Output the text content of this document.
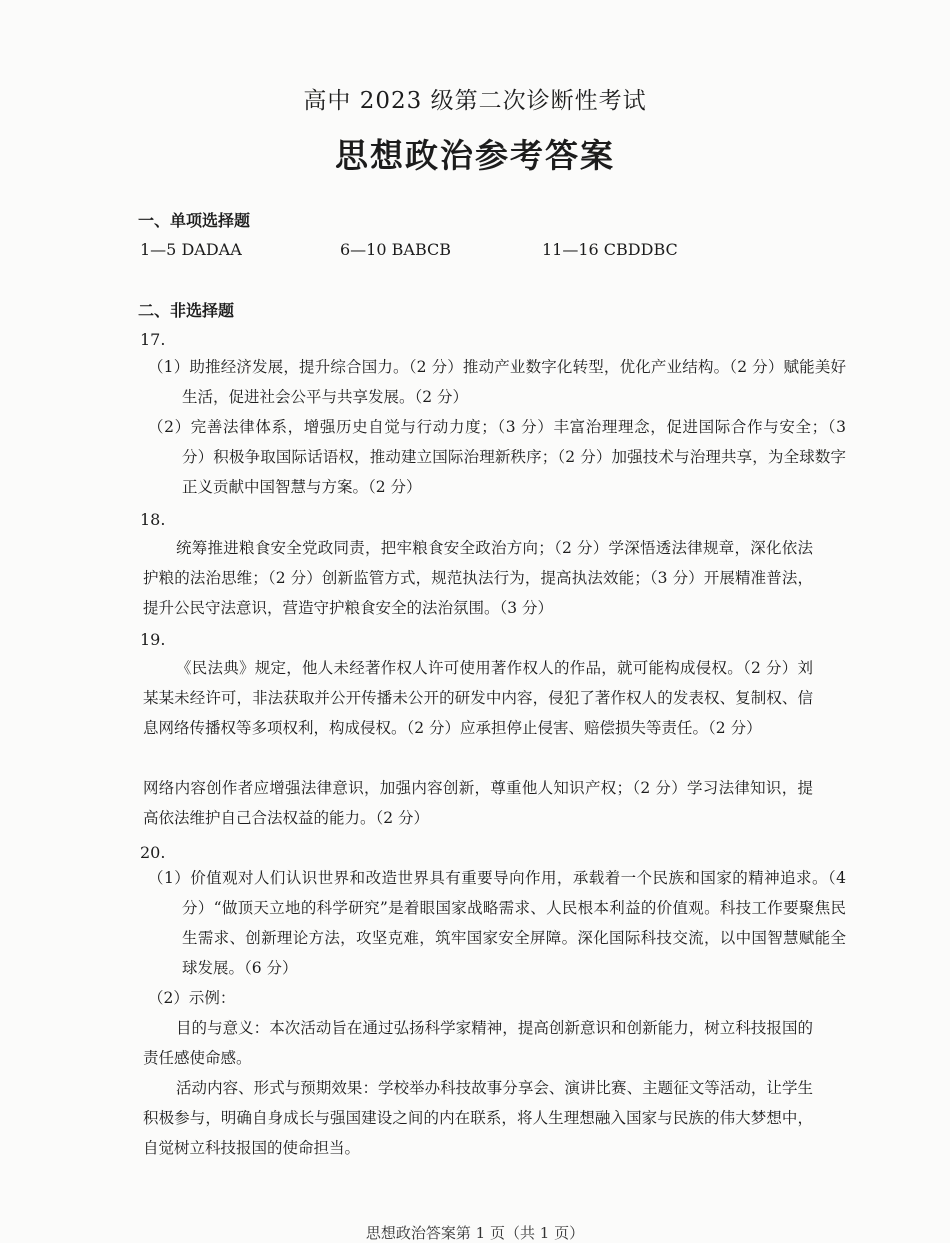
高中 2023 级第二次诊断性考试
思想政治参考答案
一、单项选择题
1—5 DADAA	6—10 BABCB	11—16 CBDDBC
二、非选择题
17.

（1）助推经济发展，提升综合国力。（2 分）推动产业数字化转型，优化产业结构。（2 分）赋能美好生活，促进社会公平与共享发展。（2 分）

（2）完善法律体系，增强历史自觉与行动力度；（3 分）丰富治理理念，促进国际合作与安全；（3 分）积极争取国际话语权，推动建立国际治理新秩序；（2 分）加强技术与治理共享，为全球数字正义贡献中国智慧与方案。（2 分）

18.

统筹推进粮食安全党政同责，把牢粮食安全政治方向；（2 分）学深悟透法律规章，深化依法护粮的法治思维；（2 分）创新监管方式，规范执法行为，提高执法效能；（3 分）开展精准普法，提升公民守法意识，营造守护粮食安全的法治氛围。（3 分）

19.

《民法典》规定，他人未经著作权人许可使用著作权人的作品，就可能构成侵权。（2 分）刘某某未经许可，非法获取并公开传播未公开的研发中内容，侵犯了著作权人的发表权、复制权、信息网络传播权等多项权利，构成侵权。（2 分）应承担停止侵害、赔偿损失等责任。（2 分）

网络内容创作者应增强法律意识，加强内容创新，尊重他人知识产权；（2 分）学习法律知识，提高依法维护自己合法权益的能力。（2 分）

20.

（1）价值观对人们认识世界和改造世界具有重要导向作用，承载着一个民族和国家的精神追求。（4 分）“做顶天立地的科学研究”是着眼国家战略需求、人民根本利益的价值观。科技工作要聚焦民生需求、创新理论方法，攻坚克难，筑牢国家安全屏障。深化国际科技交流，以中国智慧赋能全球发展。（6 分）

（2）示例：

目的与意义：本次活动旨在通过弘扬科学家精神，提高创新意识和创新能力，树立科技报国的责任感使命感。

活动内容、形式与预期效果：学校举办科技故事分享会、演讲比赛、主题征文等活动，让学生积极参与，明确自身成长与强国建设之间的内在联系，将人生理想融入国家与民族的伟大梦想中，自觉树立科技报国的使命担当。

思想政治答案第 1 页（共 1 页）
